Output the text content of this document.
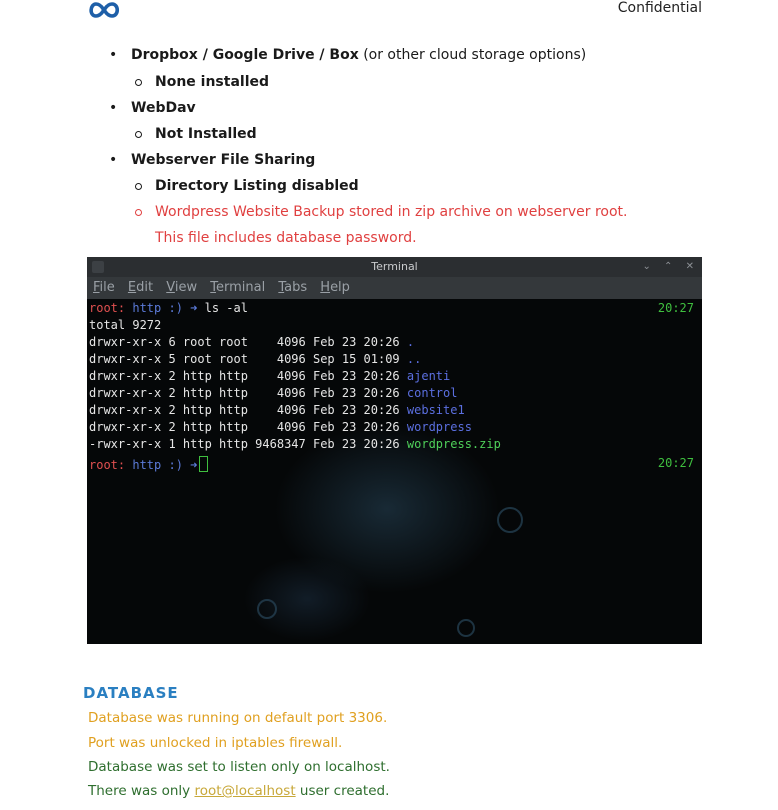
Confidential
• Dropbox / Google Drive / Box (or other cloud storage options)
None installed
• WebDav
Not Installed
• Webserver File Sharing
Directory Listing disabled
Wordpress Website Backup stored in zip archive on webserver root.
This file includes database password.
Terminal	⌄ ⌃ ✕
File Edit View Terminal Tabs Help
root: http :) ➜ ls -al	20:27
total 9272
drwxr-xr-x 6 root root    4096 Feb 23 20:26 .
drwxr-xr-x 5 root root    4096 Sep 15 01:09 ..
drwxr-xr-x 2 http http    4096 Feb 23 20:26 ajenti
drwxr-xr-x 2 http http    4096 Feb 23 20:26 control
drwxr-xr-x 2 http http    4096 Feb 23 20:26 website1
drwxr-xr-x 2 http http    4096 Feb 23 20:26 wordpress
-rwxr-xr-x 1 http http 9468347 Feb 23 20:26 wordpress.zip
root: http :) ➜	20:27
DATABASE
Database was running on default port 3306.
Port was unlocked in iptables firewall.
Database was set to listen only on localhost.
There was only root@localhost user created.
